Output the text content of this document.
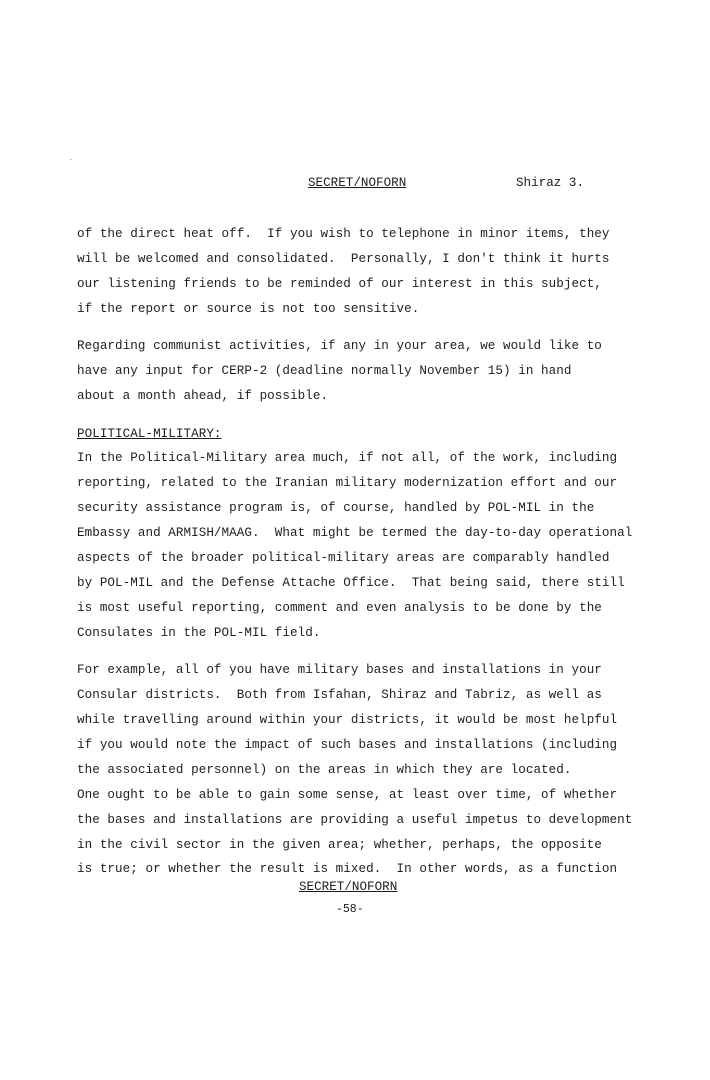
SECRET/NOFORN	Shiraz 3.
of the direct heat off.  If you wish to telephone in minor items, they
will be welcomed and consolidated.  Personally, I don't think it hurts
our listening friends to be reminded of our interest in this subject,
if the report or source is not too sensitive.
Regarding communist activities, if any in your area, we would like to
have any input for CERP-2 (deadline normally November 15) in hand
about a month ahead, if possible.
POLITICAL-MILITARY:
In the Political-Military area much, if not all, of the work, including
reporting, related to the Iranian military modernization effort and our
security assistance program is, of course, handled by POL-MIL in the
Embassy and ARMISH/MAAG.  What might be termed the day-to-day operational
aspects of the broader political-military areas are comparably handled
by POL-MIL and the Defense Attache Office.  That being said, there still
is most useful reporting, comment and even analysis to be done by the
Consulates in the POL-MIL field.
For example, all of you have military bases and installations in your
Consular districts.  Both from Isfahan, Shiraz and Tabriz, as well as
while travelling around within your districts, it would be most helpful
if you would note the impact of such bases and installations (including
the associated personnel) on the areas in which they are located.
One ought to be able to gain some sense, at least over time, of whether
the bases and installations are providing a useful impetus to development
in the civil sector in the given area; whether, perhaps, the opposite
is true; or whether the result is mixed.  In other words, as a function
SECRET/NOFORN
-58-
